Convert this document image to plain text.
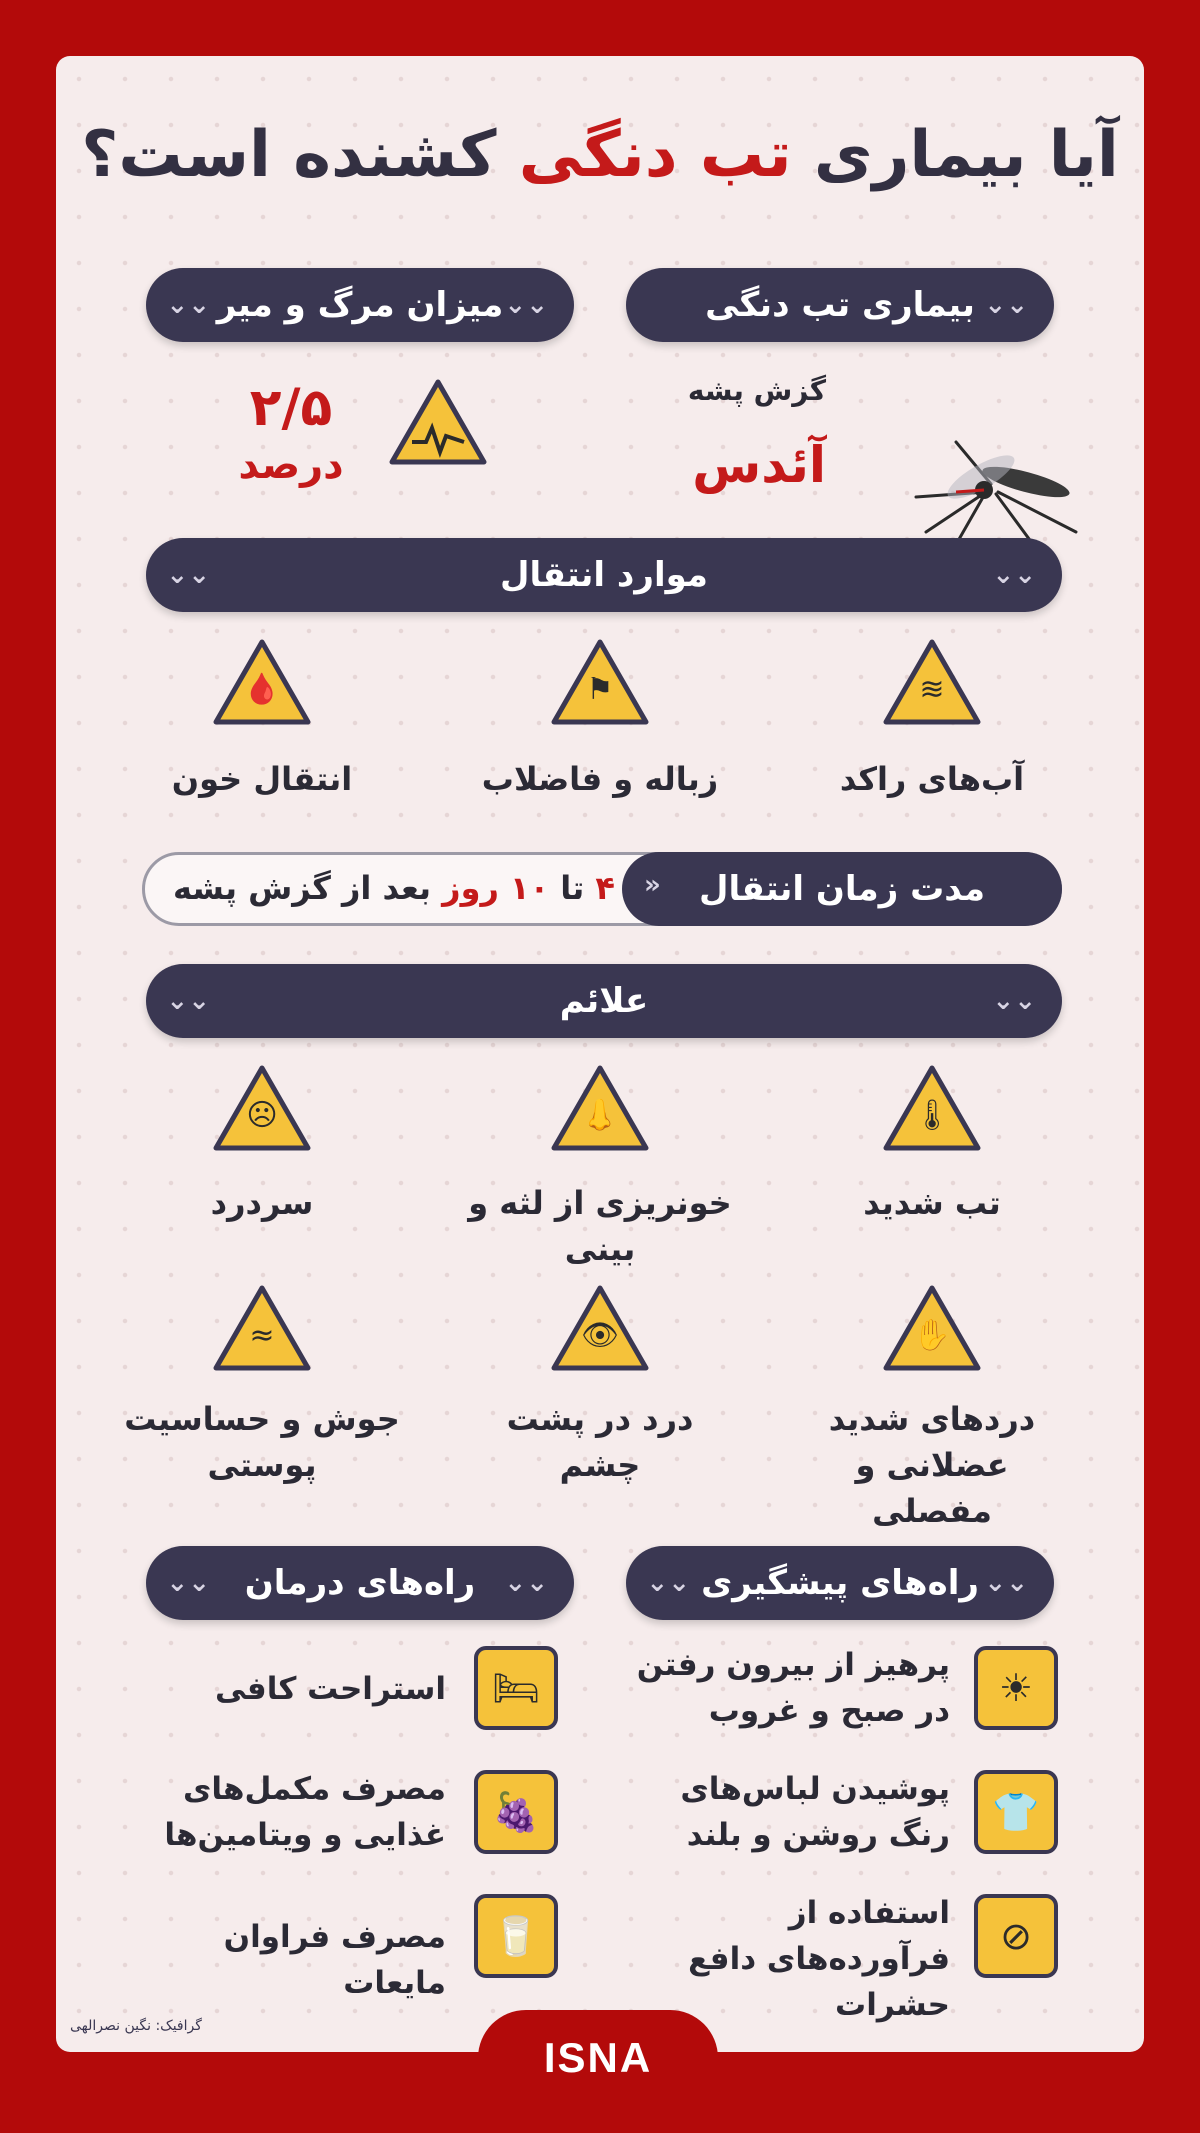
آیا بیماری تب دنگی کشنده است؟
⌄⌄
بیماری تب دنگی
⌄⌄
میزان مرگ و میر
⌄⌄
گزش پشه
آئدس
۲/۵
درصد
⌄⌄
موارد انتقال
⌄⌄
≋
آب‌های راکد
⚑
زباله و فاضلاب
🩸
انتقال خون
مدت زمان انتقال
«
۴ تا ۱۰ روز بعد از گزش پشه
⌄⌄
علائم
⌄⌄
🌡
تب شدید
👃
خونریزی از لثه و بینی
☹
سردرد
✋
دردهای شدید عضلانی و مفصلی
👁
درد در پشت چشم
≈
جوش و حساسیت پوستی
⌄⌄
راه‌های پیشگیری
⌄⌄
⌄⌄
راه‌های درمان
⌄⌄
☀
پرهیز از بیرون رفتن در صبح و غروب
👕
پوشیدن لباس‌های رنگ روشن و بلند
⊘
استفاده از فرآورده‌های دافع حشرات
🛏
استراحت کافی
🍇
مصرف مکمل‌های غذایی و ویتامین‌ها
🥛
مصرف فراوان مایعات
ISNA
گرافیک: نگین نصرالهی
